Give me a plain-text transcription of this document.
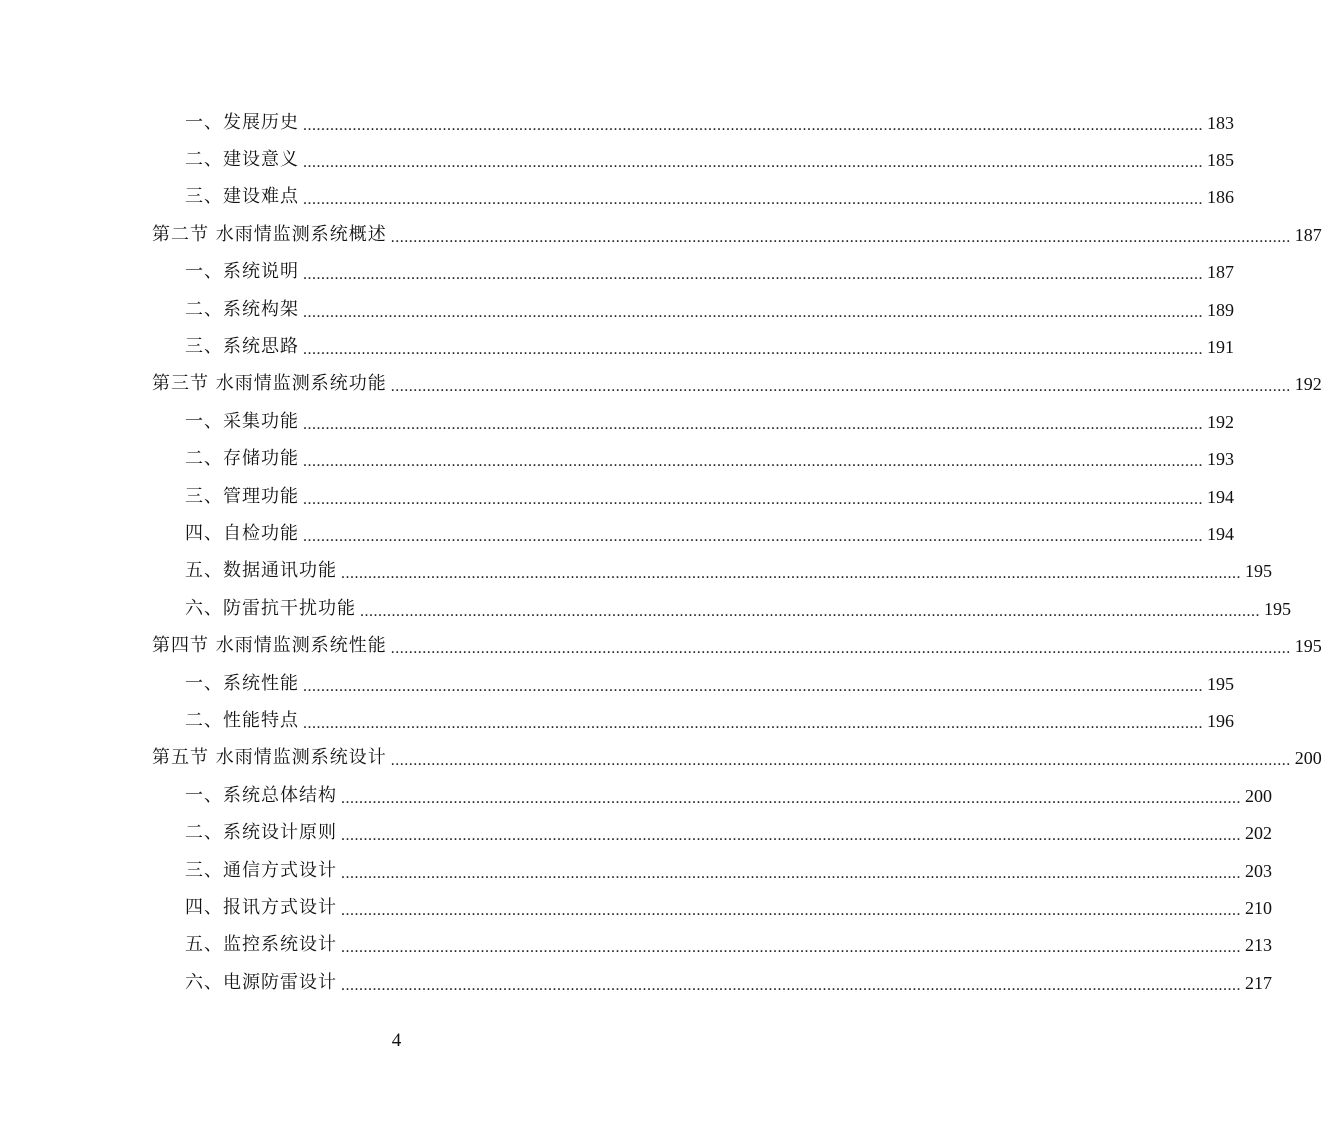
一、发展历史 ........................................................................................................................................................................................................ 183
二、建设意义 ........................................................................................................................................................................................................ 185
三、建设难点 ........................................................................................................................................................................................................ 186
第二节 水雨情监测系统概述 ........................................................................................................................................................................................................ 187
一、系统说明 ........................................................................................................................................................................................................ 187
二、系统构架 ........................................................................................................................................................................................................ 189
三、系统思路 ........................................................................................................................................................................................................ 191
第三节 水雨情监测系统功能 ........................................................................................................................................................................................................ 192
一、采集功能 ........................................................................................................................................................................................................ 192
二、存储功能 ........................................................................................................................................................................................................ 193
三、管理功能 ........................................................................................................................................................................................................ 194
四、自检功能 ........................................................................................................................................................................................................ 194
五、数据通讯功能 ........................................................................................................................................................................................................ 195
六、防雷抗干扰功能 ........................................................................................................................................................................................................ 195
第四节 水雨情监测系统性能 ........................................................................................................................................................................................................ 195
一、系统性能 ........................................................................................................................................................................................................ 195
二、性能特点 ........................................................................................................................................................................................................ 196
第五节 水雨情监测系统设计 ........................................................................................................................................................................................................ 200
一、系统总体结构 ........................................................................................................................................................................................................ 200
二、系统设计原则 ........................................................................................................................................................................................................ 202
三、通信方式设计 ........................................................................................................................................................................................................ 203
四、报讯方式设计 ........................................................................................................................................................................................................ 210
五、监控系统设计 ........................................................................................................................................................................................................ 213
六、电源防雷设计 ........................................................................................................................................................................................................ 217
4
